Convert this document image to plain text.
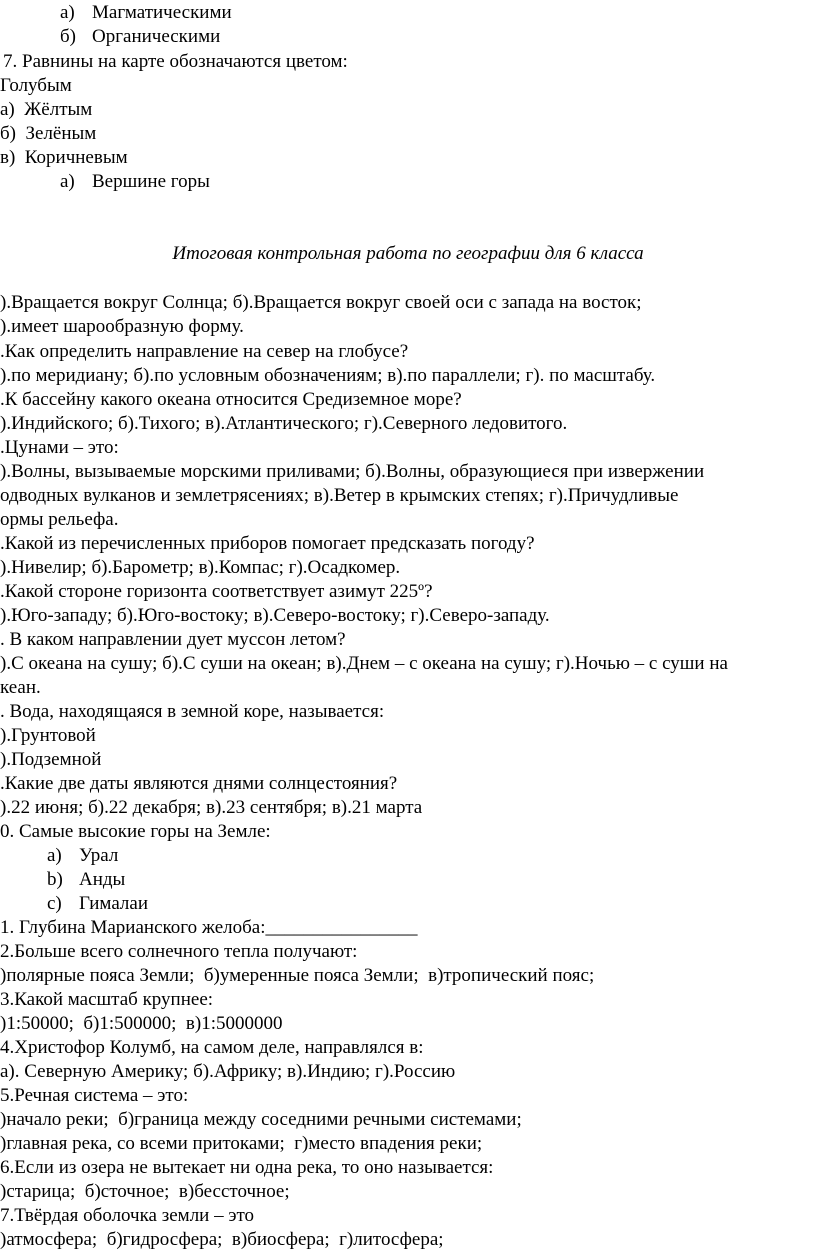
а) Магматическими
б) Органическими
7. Равнины на карте обозначаются цветом:
Голубым
а)  Жёлтым
б)  Зелёным
в)  Коричневым
а) Вершине горы
Итоговая контрольная работа по географии для 6 класса
).Вращается вокруг Солнца; б).Вращается вокруг своей оси с запада на восток;
).имеет шарообразную форму.
.Как определить направление на север на глобусе?
).по меридиану; б).по условным обозначениям; в).по параллели; г). по масштабу.
.К бассейну какого океана относится Средиземное море?
).Индийского; б).Тихого; в).Атлантического; г).Северного ледовитого.
.Цунами – это:
).Волны, вызываемые морскими приливами; б).Волны, образующиеся при извержении
одводных вулканов и землетрясениях; в).Ветер в крымских степях; г).Причудливые
ормы рельефа.
.Какой из перечисленных приборов помогает предсказать погоду?
).Нивелир; б).Барометр; в).Компас; г).Осадкомер.
.Какой стороне горизонта соответствует азимут 225º?
).Юго-западу; б).Юго-востоку; в).Северо-востоку; г).Северо-западу.
. В каком направлении дует муссон летом?
).С океана на сушу; б).С суши на океан; в).Днем – с океана на сушу; г).Ночью – с суши на
кеан.
. Вода, находящаяся в земной коре, называется:
).Грунтовой
).Подземной
.Какие две даты являются днями солнцестояния?
).22 июня; б).22 декабря; в).23 сентября; в).21 марта
0. Самые высокие горы на Земле:
a) Урал
b) Анды
c) Гималаи
1. Глубина Марианского желоба:________________
2.Больше всего солнечного тепла получают:
)полярные пояса Земли;  б)умеренные пояса Земли;  в)тропический пояс;
3.Какой масштаб крупнее:
)1:50000;  б)1:500000;  в)1:5000000
4.Христофор Колумб, на самом деле, направлялся в:
а). Северную Америку; б).Африку; в).Индию; г).Россию
5.Речная система – это:
)начало реки;  б)граница между соседними речными системами;
)главная река, со всеми притоками;  г)место впадения реки;
6.Если из озера не вытекает ни одна река, то оно называется:
)старица;  б)сточное;  в)бессточное;
7.Твёрдая оболочка земли – это
)атмосфера;  б)гидросфера;  в)биосфера;  г)литосфера;
